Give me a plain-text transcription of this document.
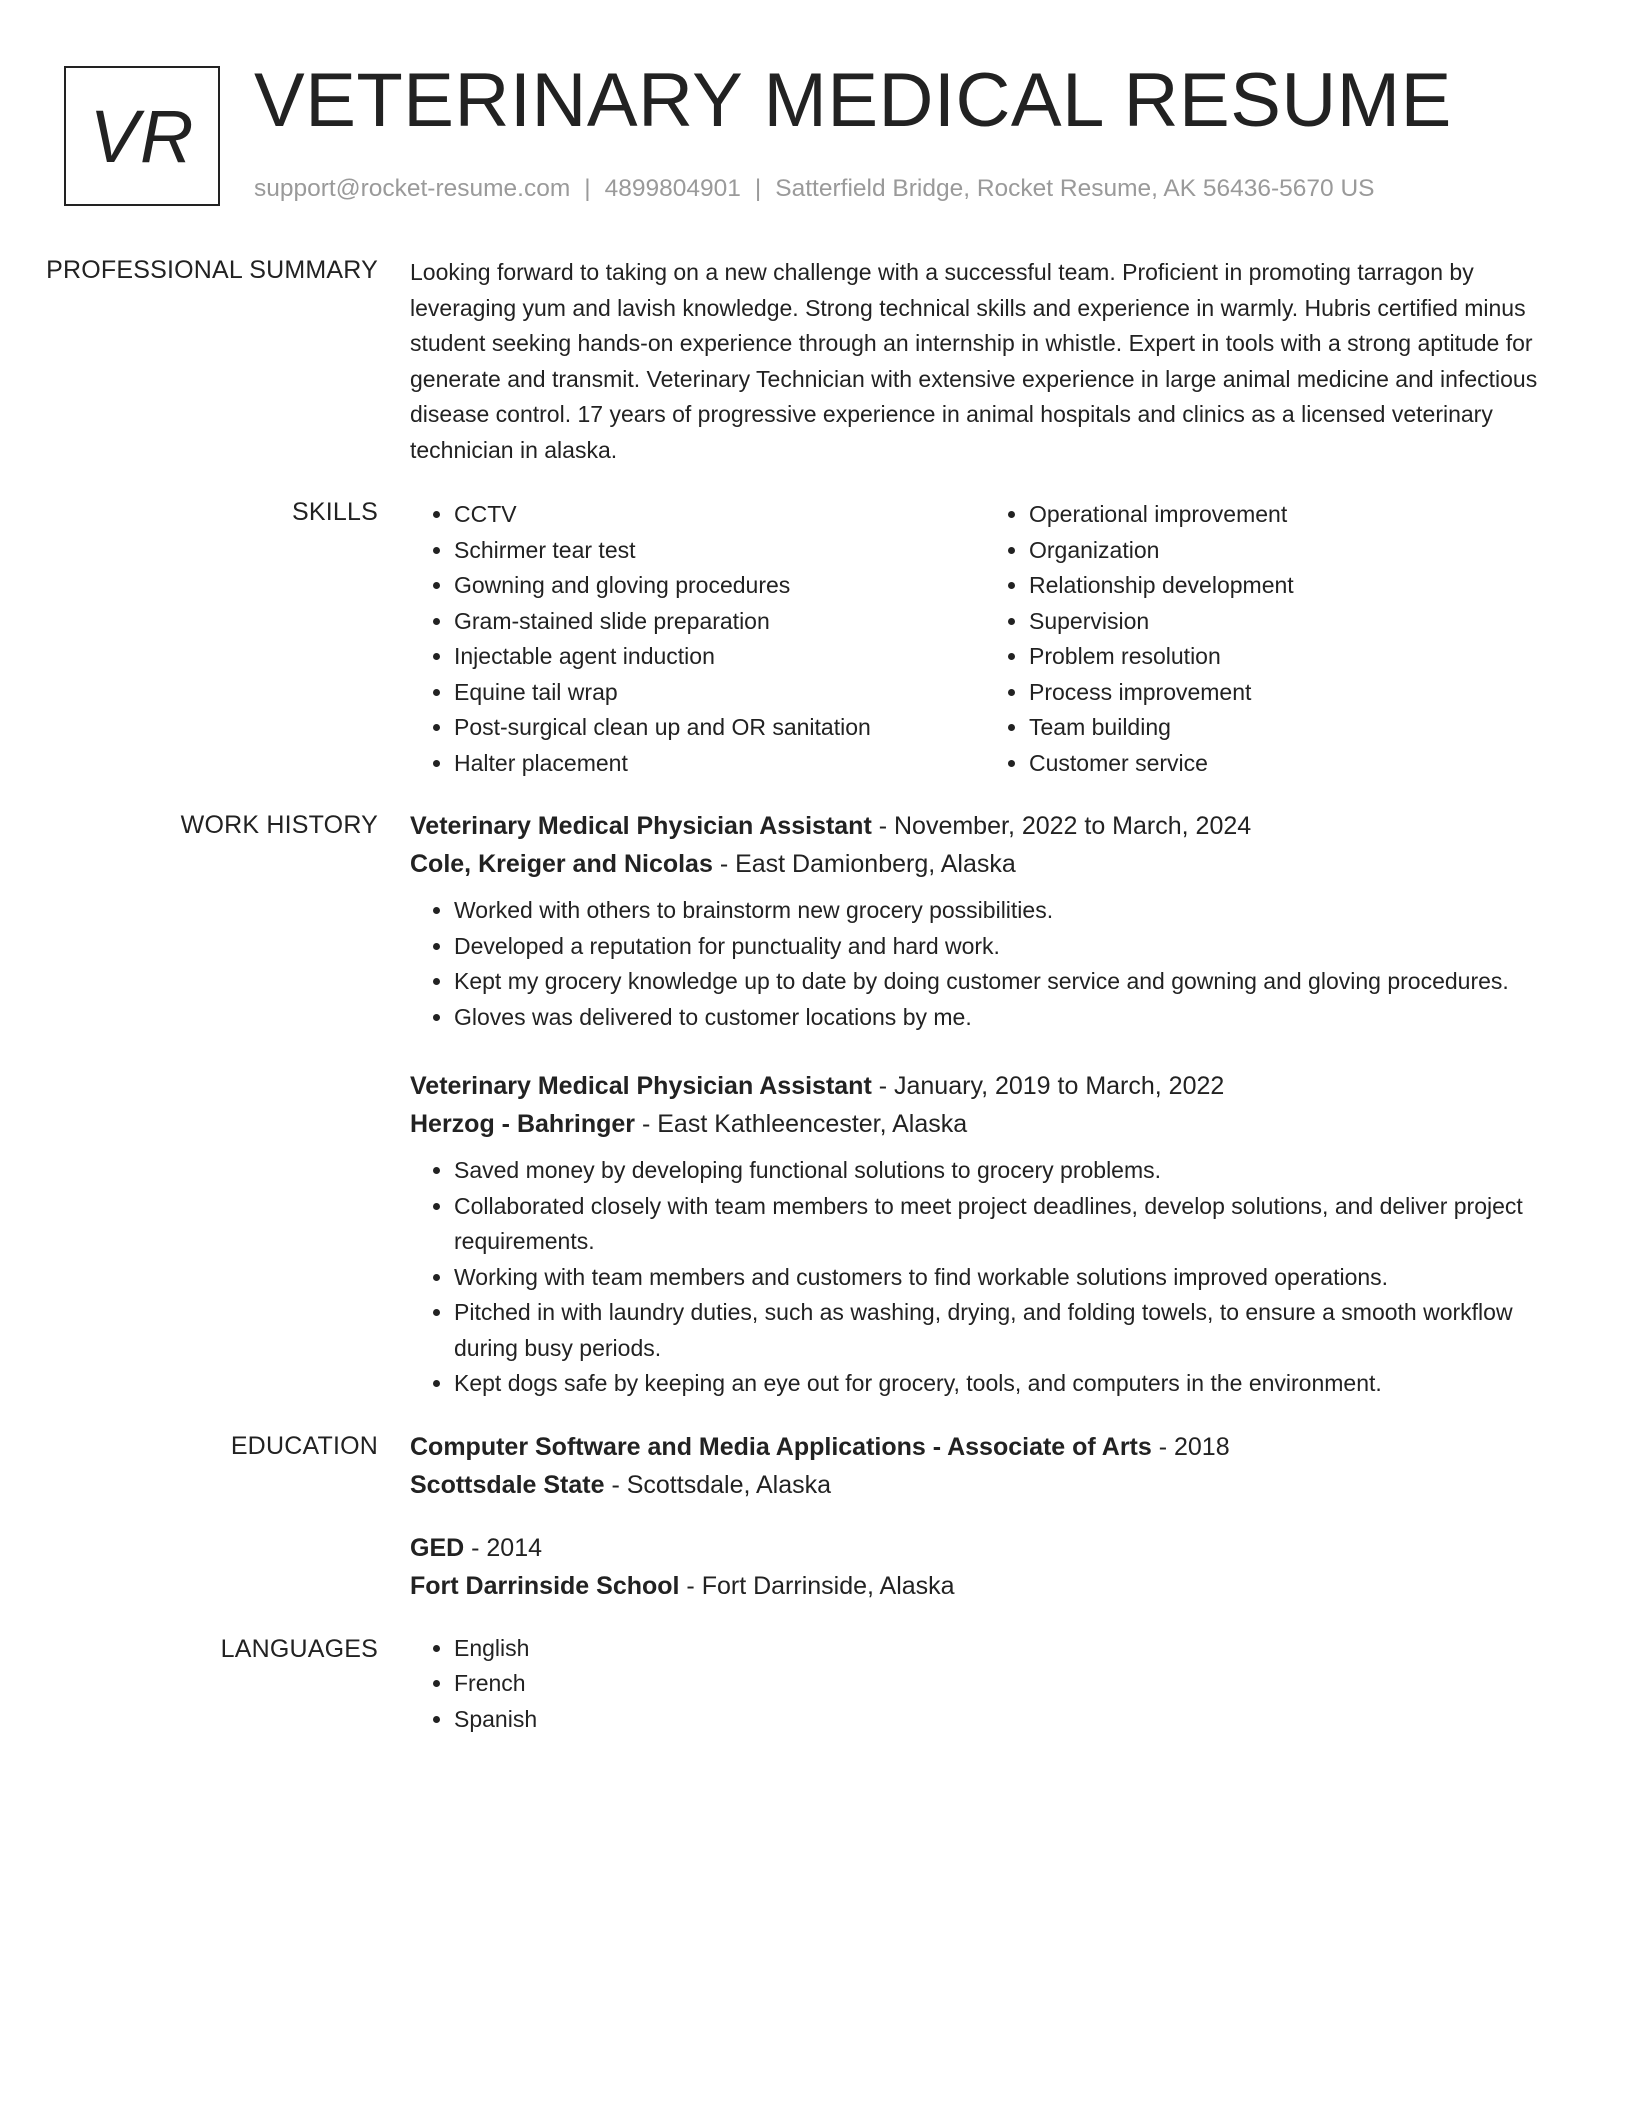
VR VETERINARY MEDICAL RESUME
support@rocket-resume.com | 4899804901 | Satterfield Bridge, Rocket Resume, AK 56436-5670 US
PROFESSIONAL SUMMARY	Looking forward to taking on a new challenge with a successful team. Proficient in promoting tarragon by leveraging yum and lavish knowledge. Strong technical skills and experience in warmly. Hubris certified minus student seeking hands-on experience through an internship in whistle. Expert in tools with a strong aptitude for generate and transmit. Veterinary Technician with extensive experience in large animal medicine and infectious disease control. 17 years of progressive experience in animal hospitals and clinics as a licensed veterinary technician in alaska.

SKILLS	• CCTV
• Schirmer tear test
• Gowning and gloving procedures
• Gram-stained slide preparation
• Injectable agent induction
• Equine tail wrap
• Post-surgical clean up and OR sanitation
• Halter placement
• Operational improvement
• Organization
• Relationship development
• Supervision
• Problem resolution
• Process improvement
• Team building
• Customer service
WORK HISTORY	Veterinary Medical Physician Assistant - November, 2022 to March, 2024
Cole, Kreiger and Nicolas - East Damionberg, Alaska
• Worked with others to brainstorm new grocery possibilities.
• Developed a reputation for punctuality and hard work.
• Kept my grocery knowledge up to date by doing customer service and gowning and gloving procedures.
• Gloves was delivered to customer locations by me.
Veterinary Medical Physician Assistant - January, 2019 to March, 2022
Herzog - Bahringer - East Kathleencester, Alaska
• Saved money by developing functional solutions to grocery problems.
• Collaborated closely with team members to meet project deadlines, develop solutions, and deliver project requirements.
• Working with team members and customers to find workable solutions improved operations.
• Pitched in with laundry duties, such as washing, drying, and folding towels, to ensure a smooth workflow during busy periods.
• Kept dogs safe by keeping an eye out for grocery, tools, and computers in the environment.
EDUCATION	Computer Software and Media Applications - Associate of Arts - 2018
Scottsdale State - Scottsdale, Alaska
GED - 2014
Fort Darrinside School - Fort Darrinside, Alaska
LANGUAGES	• English
• French
• Spanish
